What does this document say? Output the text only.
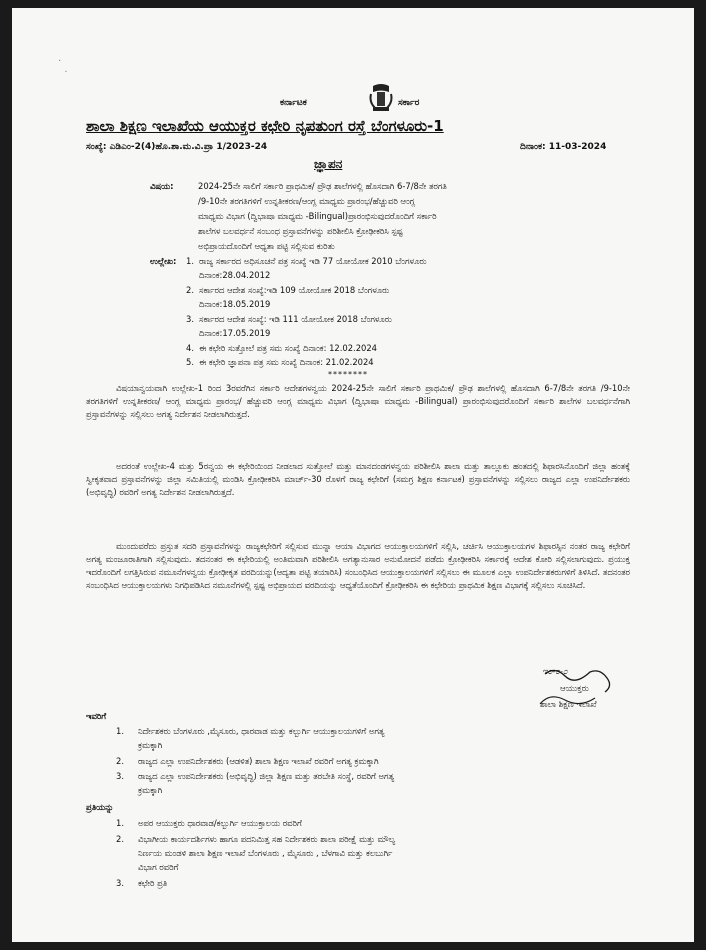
·
·
ಕರ್ನಾಟಕ	ಸರ್ಕಾರ
ಶಾಲಾ ಶಿಕ್ಷಣ ಇಲಾಖೆಯ ಆಯುಕ್ತರ ಕಛೇರಿ ನೃಪತುಂಗ ರಸ್ತೆ ಬೆಂಗಳೂರು-1
ಸಂಖ್ಯೆ: ಎಡಿಎಂ-2(4)ಹೊ.ಶಾ.ಮ.ವಿ.ಪ್ರಾ 1/2023-24	ದಿನಾಂಕ: 11-03-2024
ಜ್ಞಾಪನ
ವಿಷಯ:	2024-25ನೇ ಸಾಲಿಗೆ ಸರ್ಕಾರಿ ಪ್ರಾಥಮಿಕ/ ಪ್ರೌಢ ಶಾಲೆಗಳಲ್ಲಿ ಹೊಸದಾಗಿ 6-7/8ನೇ ತರಗತಿ
/9-10ನೇ ತರಗತಿಗಳಿಗೆ ಉನ್ನತೀಕರಣ/ಆಂಗ್ಲ ಮಾಧ್ಯಮ ಪ್ರಾರಂಭ/ಹೆಚ್ಚುವರಿ ಆಂಗ್ಲ
ಮಾಧ್ಯಮ ವಿಭಾಗ (ದ್ವಿಭಾಷಾ ಮಾಧ್ಯಮ -Bilingual)ಪ್ರಾರಂಭಿಸುವುದರೊಂದಿಗೆ ಸರ್ಕಾರಿ
ಶಾಲೆಗಳ ಬಲವರ್ಧನೆ ಸಂಬಂಧ ಪ್ರಸ್ತಾವನೆಗಳನ್ನು ಪರಿಶೀಲಿಸಿ ಕ್ರೋಢೀಕರಿಸಿ ಸ್ಪಷ್ಟ
ಅಭಿಪ್ರಾಯದೊಂದಿಗೆ ಆಧ್ಯತಾ ಪಟ್ಟಿ ಸಲ್ಲಿಸುವ ಕುರಿತು
ಉಲ್ಲೇಖ: 1. ರಾಜ್ಯ ಸರ್ಕಾರದ ಅಧಿಸೂಚನೆ ಪತ್ರ ಸಂಖ್ಯೆ ಇಡಿ 77 ಯೋಯೋಕ 2010 ಬೆಂಗಳೂರು
ದಿನಾಂಕ:28.04.2012
2. ಸರ್ಕಾರದ ಆದೇಶ ಸಂಖ್ಯೆ:ಇಡಿ 109 ಯೋಯೋಕ 2018 ಬೆಂಗಳೂರು
ದಿನಾಂಕ:18.05.2019
3. ಸರ್ಕಾರದ ಆದೇಶ ಸಂಖ್ಯೆ: ಇಡಿ 111 ಯೋಯೋಕ 2018 ಬೆಂಗಳೂರು
ದಿನಾಂಕ:17.05.2019
4. ಈ ಕಛೇರಿ ಸುತ್ತೋಲೆ ಪತ್ರ ಸಮ ಸಂಖ್ಯೆ ದಿನಾಂಕ: 12.02.2024
5. ಈ ಕಛೇರಿ ಜ್ಞಾಪನಾ ಪತ್ರ ಸಮ ಸಂಖ್ಯೆ ದಿನಾಂಕ: 21.02.2024
********

ವಿಷಯಾನ್ವಯವಾಗಿ ಉಲ್ಲೇಖ-1 ರಿಂದ 3ರವರೆಗಿನ ಸರ್ಕಾರಿ ಆದೇಶಗಳನ್ವಯ 2024-25ನೇ ಸಾಲಿಗೆ ಸರ್ಕಾರಿ ಪ್ರಾಥಮಿಕ/ ಪ್ರೌಢ ಶಾಲೆಗಳಲ್ಲಿ ಹೊಸದಾಗಿ 6-7/8ನೇ ತರಗತಿ /9-10ನೇ ತರಗತಿಗಳಿಗೆ ಉನ್ನತೀಕರಣ/ ಆಂಗ್ಲ ಮಾಧ್ಯಮ ಪ್ರಾರಂಭ/ ಹೆಚ್ಚುವರಿ ಆಂಗ್ಲ ಮಾಧ್ಯಮ ವಿಭಾಗ (ದ್ವಿಭಾಷಾ ಮಾಧ್ಯಮ -Bilingual) ಪ್ರಾರಂಭಿಸುವುದರೊಂದಿಗೆ ಸರ್ಕಾರಿ ಶಾಲೆಗಳ ಬಲವರ್ಧನೆಗಾಗಿ ಪ್ರಸ್ತಾವನೆಗಳನ್ನು ಸಲ್ಲಿಸಲು ಅಗತ್ಯ ನಿರ್ದೇಶನ ನೀಡಲಾಗಿರುತ್ತದೆ.

ಅದರಂತೆ ಉಲ್ಲೇಖ-4 ಮತ್ತು 5ರನ್ವಯ ಈ ಕಛೇರಿಯಿಂದ ನೀಡಲಾದ ಸುತ್ತೋಲೆ ಮತ್ತು ಮಾನದಂಡಗಳನ್ವಯ ಪರಿಶೀಲಿಸಿ ಶಾಲಾ ಮತ್ತು ತಾಲ್ಲೂಕು ಹಂತದಲ್ಲಿ ಶಿಫಾರಸಿನೊಂದಿಗೆ ಜಿಲ್ಲಾ ಹಂತಕ್ಕೆ ಸ್ವೀಕೃತವಾದ ಪ್ರಸ್ತಾವನೆಗಳನ್ನು ಜಿಲ್ಲಾ ಸಮಿತಿಯಲ್ಲಿ ಮಂಡಿಸಿ ಕ್ರೋಢೀಕರಿಸಿ ಮಾರ್ಚ್-30 ರೊಳಗೆ ರಾಜ್ಯ ಕಛೇರಿಗೆ (ಸಮಗ್ರ ಶಿಕ್ಷಣ ಕರ್ನಾಟಕ) ಪ್ರಸ್ತಾವನೆಗಳನ್ನು ಸಲ್ಲಿಸಲು ರಾಜ್ಯದ ಎಲ್ಲಾ ಉಪನಿರ್ದೇಶಕರು (ಅಭಿವೃದ್ಧಿ) ರವರಿಗೆ ಅಗತ್ಯ ನಿರ್ದೇಶನ ನೀಡಲಾಗಿರುತ್ತದೆ.

ಮುಂದುವರೆದು ಪ್ರಸ್ತುತ ಸದರಿ ಪ್ರಸ್ತಾವನೆಗಳನ್ನು ರಾಜ್ಯಕಛೇರಿಗೆ ಸಲ್ಲಿಸುವ ಮುನ್ನಾ ಆಯಾ ವಿಭಾಗದ ಆಯುಕ್ತಾಲಯಗಳಿಗೆ ಸಲ್ಲಿಸಿ, ಚರ್ಚಿಸಿ ಆಯುಕ್ತಾಲಯಗಳ ಶಿಫಾರಸ್ಸಿನ ನಂತರ ರಾಜ್ಯ ಕಛೇರಿಗೆ ಅಗತ್ಯ ಮಂಜೂರಾತಿಗಾಗಿ ಸಲ್ಲಿಸುವುದು. ತದನಂತರ ಈ ಕಛೇರಿಯಲ್ಲಿ ಅಂತಿಮವಾಗಿ ಪರಿಶೀಲಿಸಿ ಅಗತ್ಯಾನುಸಾರ ಅನುಮೋದನೆ ಪಡೆದು ಕ್ರೋಢೀಕರಿಸಿ ಸರ್ಕಾರಕ್ಕೆ ಆದೇಶ ಕೋರಿ ಸಲ್ಲಿಸಲಾಗುವುದು. ಪ್ರಯುಕ್ತ ಇದರೊಂದಿಗೆ ಲಗತ್ತಿಸಿರುವ ನಮೂನೆಗಳನ್ವಯ ಕ್ರೋಢೀಕೃತ ವರದಿಯನ್ನು(ಆದ್ಯತಾ ಪಟ್ಟಿ ತಯಾರಿಸಿ) ಸಂಬಂಧಿಸಿದ ಆಯುಕ್ತಾಲಯಗಳಿಗೆ ಸಲ್ಲಿಸಲು ಈ ಮೂಲಕ ಎಲ್ಲಾ ಉಪನಿರ್ದೇಶಕರುಗಳಿಗೆ ತಿಳಿಸಿದೆ. ತದನಂತರ ಸಂಬಂಧಿಸಿದ ಆಯುಕ್ತಾಲಯಗಳು ನಿಗಧಿಪಡಿಸಿದ ನಮೂನೆಗಳಲ್ಲಿ ಸ್ಪಷ್ಟ ಅಭಿಪ್ರಾಯದ ವರದಿಯನ್ನು ಆಧ್ಯತೆಯೊಂದಿಗೆ ಕ್ರೋಢೀಕರಿಸಿ ಈ ಕಛೇರಿಯ ಪ್ರಾಥಮಿಕ ಶಿಕ್ಷಣ ವಿಭಾಗಕ್ಕೆ ಸಲ್ಲಿಸಲು ಸೂಚಿಸಿದೆ.

ಇ೦-೦-೦
ಆಯುಕ್ತರು
ಶಾಲಾ ಶಿಕ್ಷಣ ಇಲಾಖೆ
ಇವರಿಗೆ
1. ನಿರ್ದೇಶಕರು ಬೆಂಗಳೂರು ,ಮೈಸೂರು, ಧಾರವಾಡ ಮತ್ತು ಕಲ್ಬುರ್ಗಿ ಆಯುಕ್ತಾಲಯಗಳಿಗೆ ಅಗತ್ಯ
ಕ್ರಮಕ್ಕಾಗಿ
2. ರಾಜ್ಯದ ಎಲ್ಲಾ ಉಪನಿರ್ದೇಶಕರು (ಆಡಳಿತ) ಶಾಲಾ ಶಿಕ್ಷಣ ಇಲಾಖೆ ರವರಿಗೆ ಅಗತ್ಯ ಕ್ರಮಕ್ಕಾಗಿ
3. ರಾಜ್ಯದ ಎಲ್ಲಾ ಉಪನಿರ್ದೇಶಕರು (ಅಭಿವೃದ್ಧಿ) ಜಿಲ್ಲಾ ಶಿಕ್ಷಣ ಮತ್ತು ತರಬೇತಿ ಸಂಸ್ಥೆ, ರವರಿಗೆ ಅಗತ್ಯ
ಕ್ರಮಕ್ಕಾಗಿ
ಪ್ರತಿಯನ್ನು
1. ಅಪರ ಆಯುಕ್ತರು ಧಾರವಾಡ/ಕಲ್ಬುರ್ಗಿ ಆಯುಕ್ತಾಲಯ ರವರಿಗೆ
2. ವಿಭಾಗೀಯ ಕಾರ್ಯದರ್ಶಿಗಳು ಹಾಗೂ ಪದನಿಮಿತ್ತ ಸಹ ನಿರ್ದೇಶಕರು ಶಾಲಾ ಪರೀಕ್ಷೆ ಮತ್ತು ಮೌಲ್ಯ
ನಿರ್ಣಯ ಮಂಡಳಿ ಶಾಲಾ ಶಿಕ್ಷಣ ಇಲಾಖೆ ಬೆಂಗಳೂರು , ಮೈಸೂರು , ಬೆಳಗಾವಿ ಮತ್ತು ಕಲಬುರ್ಗಿ
ವಿಭಾಗ ರವರಿಗೆ
3. ಕಛೇರಿ ಪ್ರತಿ
